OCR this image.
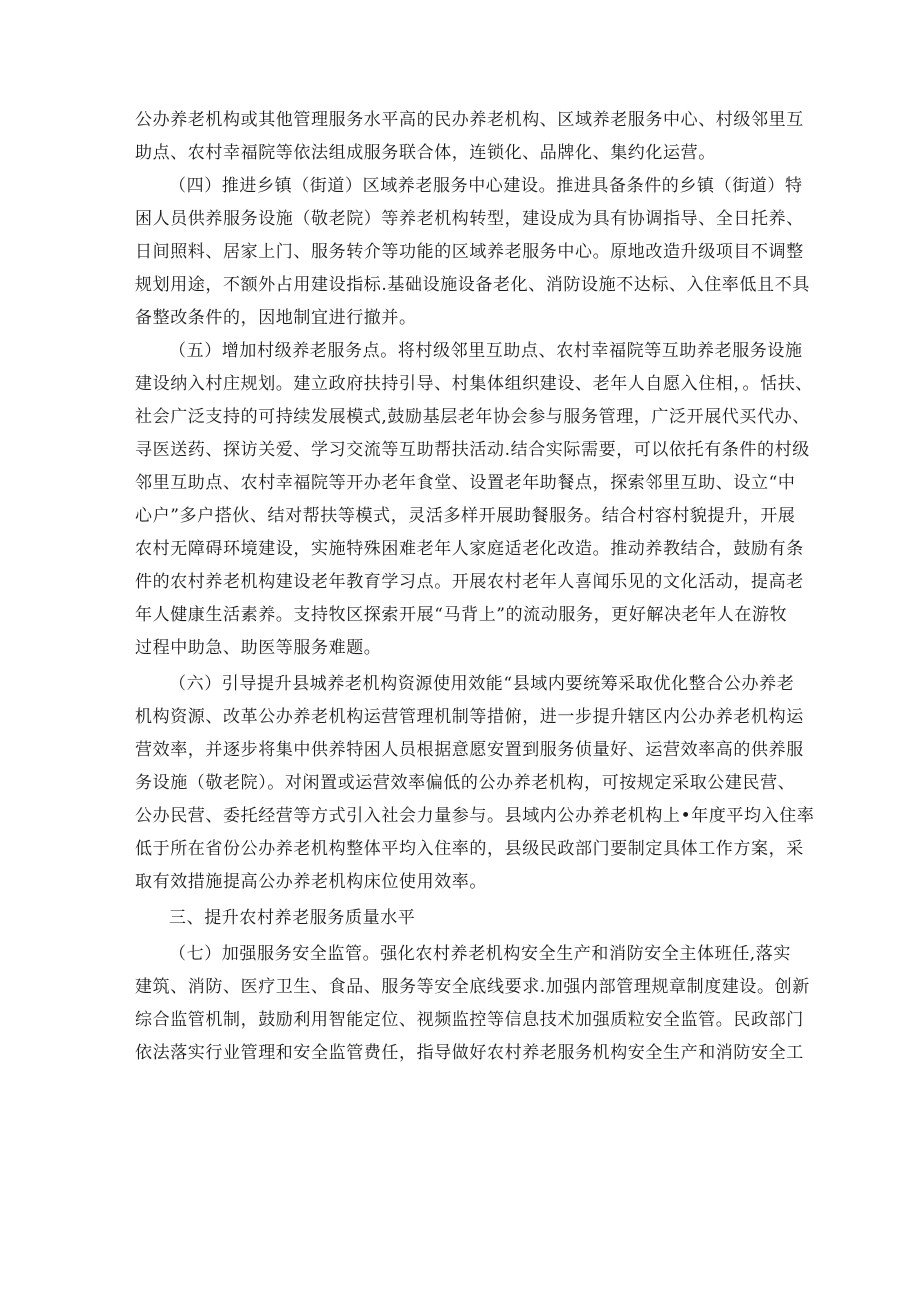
公办养老机构或其他管理服务水平高的民办养老机构、区域养老服务中心、村级邻里互
助点、农村幸福院等依法组成服务联合体，连锁化、品牌化、集约化运营。
（四）推进乡镇（街道）区域养老服务中心建设。推进具备条件的乡镇（街道）特
困人员供养服务设施（敬老院）等养老机构转型，建设成为具有协调指导、全日托养、
日间照料、居家上门、服务转介等功能的区域养老服务中心。原地改造升级项目不调整
规划用途，不额外占用建设指标.基础设施设备老化、消防设施不达标、入住率低且不具
备整改条件的，因地制宜进行撤并。
（五）增加村级养老服务点。将村级邻里互助点、农村幸福院等互助养老服务设施
建设纳入村庄规划。建立政府扶持引导、村集体组织建设、老年人自愿入住相，。恬扶、
社会广泛支持的可持续发展模式,鼓励基层老年协会参与服务管理，广泛开展代买代办、
寻医送药、探访关爱、学习交流等互助帮扶活动.结合实际需要，可以依托有条件的村级
邻里互助点、农村幸福院等开办老年食堂、设置老年助餐点，探索邻里互助、设立“中
心户”多户搭伙、结对帮扶等模式，灵活多样开展助餐服务。结合村容村貌提升，开展
农村无障碍环境建设，实施特殊困难老年人家庭适老化改造。推动养教结合，鼓励有条
件的农村养老机构建设老年教育学习点。开展农村老年人喜闻乐见的文化活动，提高老
年人健康生活素养。支持牧区探索开展“马背上”的流动服务，更好解决老年人在游牧
过程中助急、助医等服务难题。
（六）引导提升县城养老机构资源使用效能“县域内要统筹采取优化整合公办养老
机构资源、改革公办养老机构运营管理机制等措俯，进一步提升辖区内公办养老机构运
营效率，并逐步将集中供养特困人员根据意愿安置到服务侦量好、运营效率高的供养服
务设施（敬老院）。对闲置或运营效率偏低的公办养老机构，可按规定采取公建民营、
公办民营、委托经营等方式引入社会力量参与。县域内公办养老机构上•年度平均入住率
低于所在省份公办养老机构整体平均入住率的，县级民政部门要制定具体工作方案，采
取有效措施提高公办养老机构床位使用效率。
三、提升农村养老服务质量水平
（七）加强服务安全监管。强化农村养老机构安全生产和消防安全主体班任,落实
建筑、消防、医疗卫生、食品、服务等安全底线要求.加强内部管理规章制度建设。创新
综合监管机制，鼓励利用智能定位、视频监控等信息技术加强质粒安全监管。民政部门
依法落实行业管理和安全监管费任，指导做好农村养老服务机构安全生产和消防安全工
